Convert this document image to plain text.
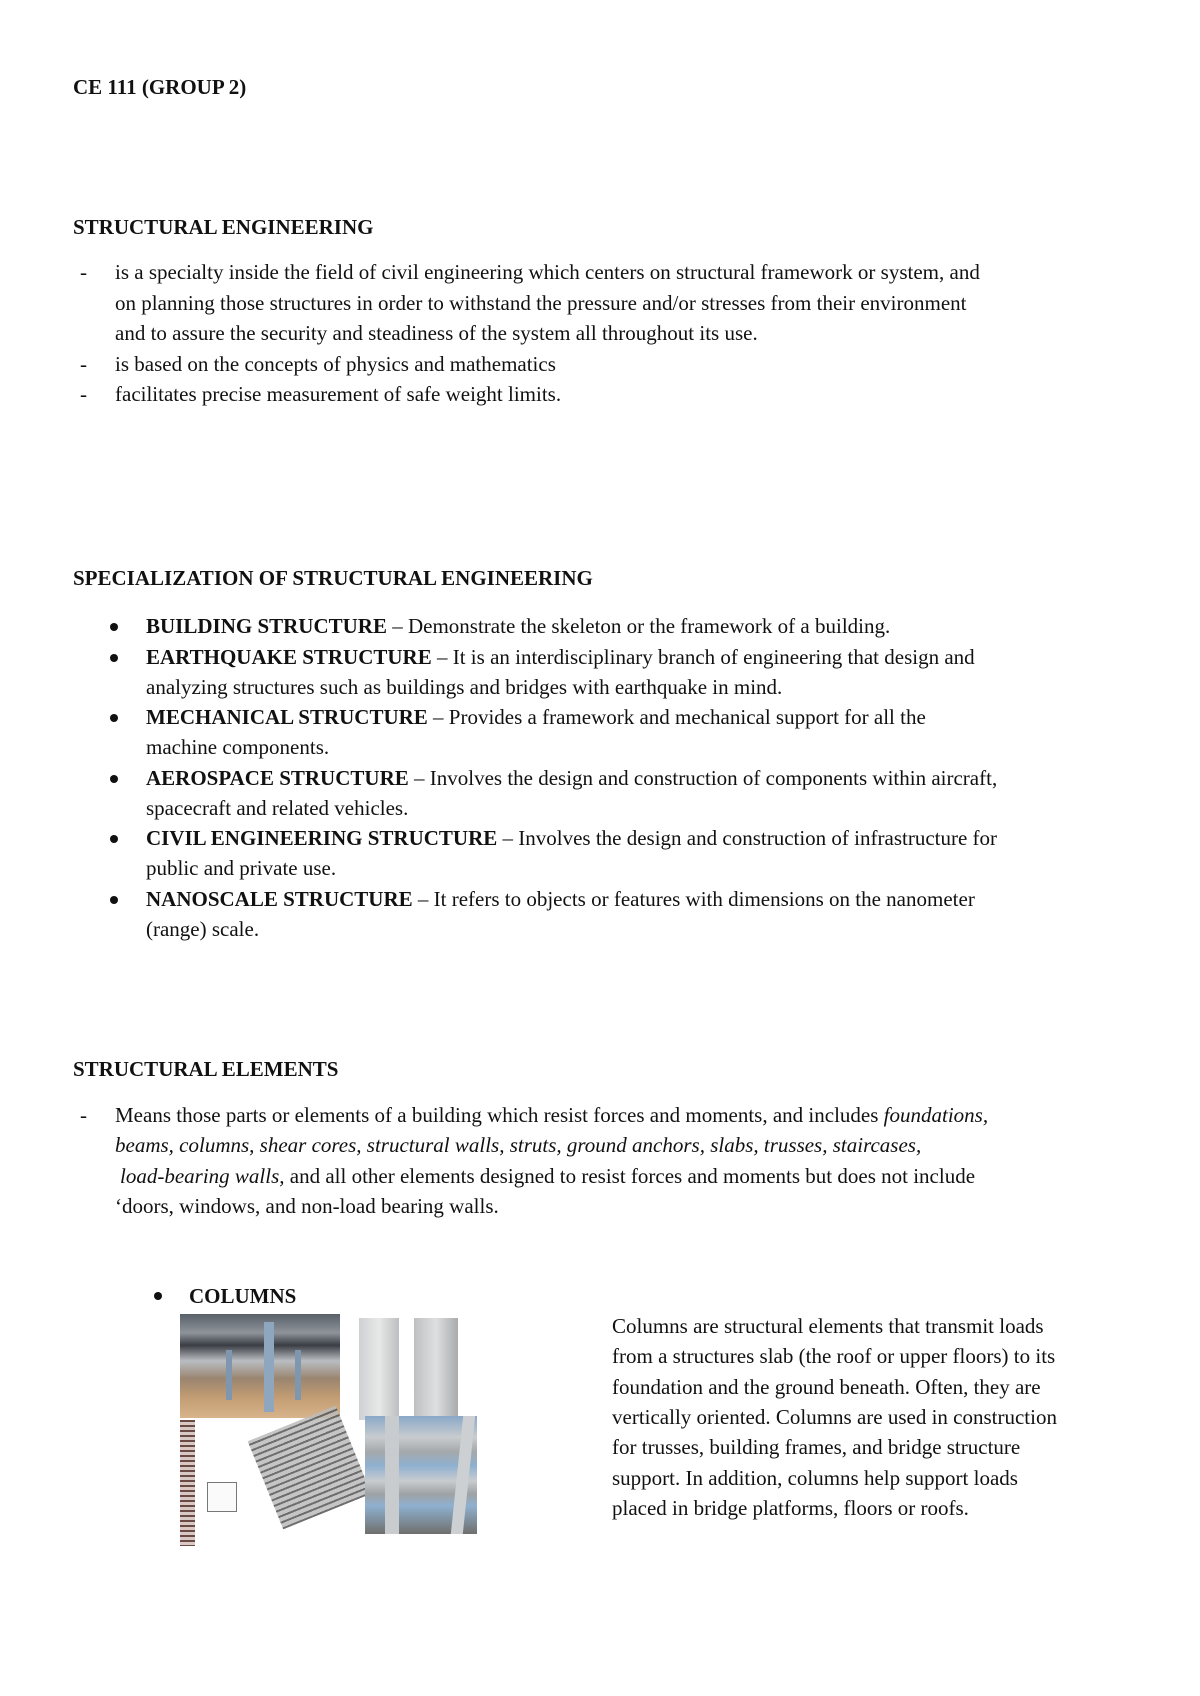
CE 111 (GROUP 2)
STRUCTURAL ENGINEERING
- is a specialty inside the field of civil engineering which centers on structural framework or system, and
on planning those structures in order to withstand the pressure and/or stresses from their environment
and to assure the security and steadiness of the system all throughout its use.
- is based on the concepts of physics and mathematics
- facilitates precise measurement of safe weight limits.
SPECIALIZATION OF STRUCTURAL ENGINEERING
BUILDING STRUCTURE – Demonstrate the skeleton or the framework of a building.
EARTHQUAKE STRUCTURE – It is an interdisciplinary branch of engineering that design and
analyzing structures such as buildings and bridges with earthquake in mind.
MECHANICAL STRUCTURE – Provides a framework and mechanical support for all the
machine components.
AEROSPACE STRUCTURE – Involves the design and construction of components within aircraft,
spacecraft and related vehicles.
CIVIL ENGINEERING STRUCTURE – Involves the design and construction of infrastructure for
public and private use.
NANOSCALE STRUCTURE – It refers to objects or features with dimensions on the nanometer
(range) scale.
STRUCTURAL ELEMENTS
- Means those parts or elements of a building which resist forces and moments, and includes foundations,
beams, columns, shear cores, structural walls, struts, ground anchors, slabs, trusses, staircases,
load-bearing walls, and all other elements designed to resist forces and moments but does not include
‘doors, windows, and non-load bearing walls.
COLUMNS
Columns are structural elements that transmit loads
from a structures slab (the roof or upper floors) to its
foundation and the ground beneath. Often, they are
vertically oriented. Columns are used in construction
for trusses, building frames, and bridge structure
support. In addition, columns help support loads
placed in bridge platforms, floors or roofs.
